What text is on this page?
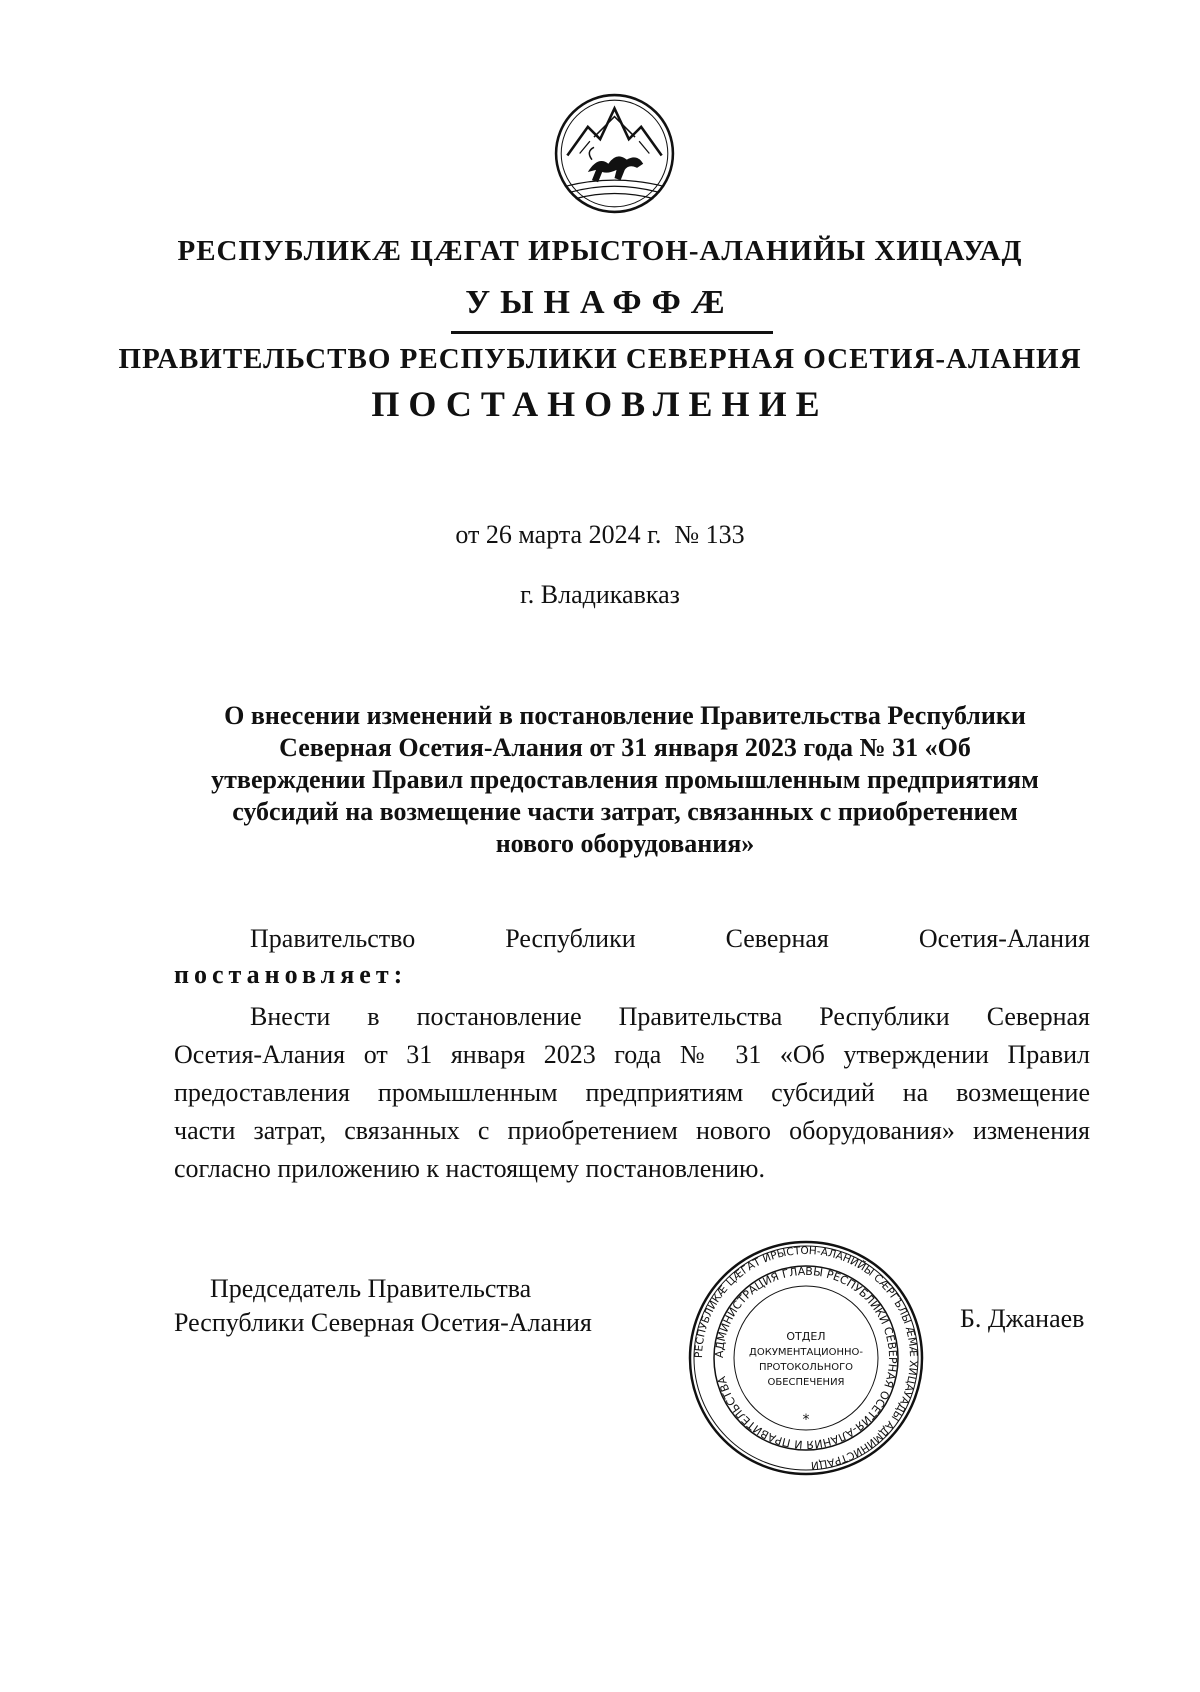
РЕСПУБЛИКӔ ЦӔГАТ ИРЫСТОН-АЛАНИЙЫ ХИЦАУАД
УЫНАФФӔ
ПРАВИТЕЛЬСТВО РЕСПУБЛИКИ СЕВЕРНАЯ ОСЕТИЯ-АЛАНИЯ
ПОСТАНОВЛЕНИЕ
от 26 марта 2024 г.  № 133
г. Владикавказ
О внесении изменений в постановление Правительства Республики
Северная Осетия-Алания от 31 января 2023 года № 31 «Об
утверждении Правил предоставления промышленным предприятиям
субсидий на возмещение части затрат, связанных с приобретением
нового оборудования»
Правительство	Республики	Северная	Осетия-Алания
постановляет:
Внести в постановление Правительства Республики Северная
Осетия-Алания от 31 января 2023 года № 31 «Об утверждении Правил
предоставления промышленным предприятиям субсидий на возмещение
части затрат, связанных с приобретением нового оборудования» изменения
согласно приложению к настоящему постановлению.
Председатель Правительства
Республики Северная Осетия-Алания	Б. Джанаев
РЕСПУБЛИКӔ ЦӔГАТ ИРЫСТОН-АЛАНИЙЫ СӔРГЪЛЫ ӔМӔ ХИЦАУАДЫ АДМИНИСТРАЦИ
АДМИНИСТРАЦИЯ ГЛАВЫ РЕСПУБЛИКИ СЕВЕРНАЯ ОСЕТИЯ-АЛАНИЯ И ПРАВИТЕЛЬСТВА
ОТДЕЛ
ДОКУМЕНТАЦИОННО-
ПРОТОКОЛЬНОГО
ОБЕСПЕЧЕНИЯ
*
